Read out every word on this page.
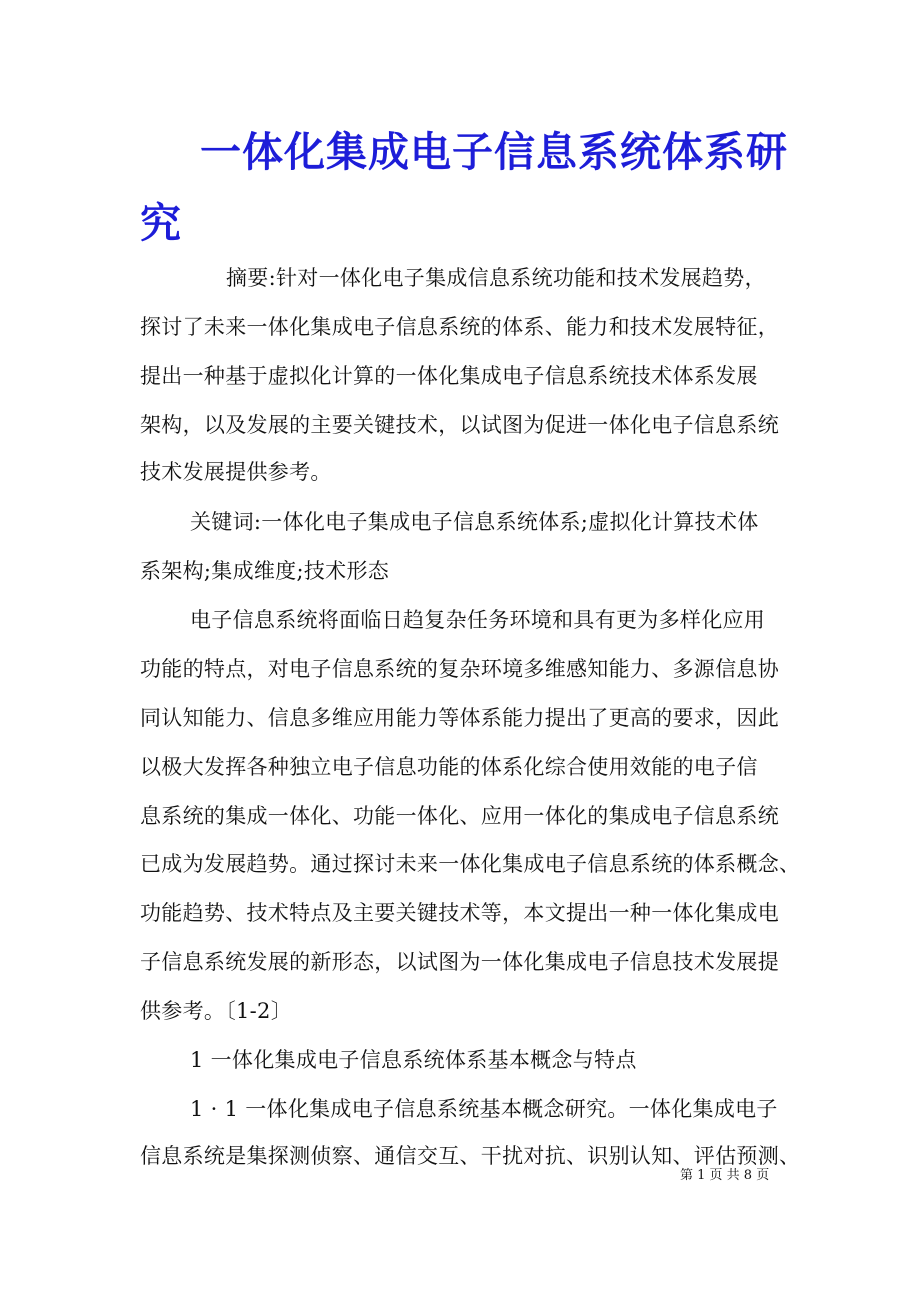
一体化集成电子信息系统体系研
究
摘要:针对一体化电子集成信息系统功能和技术发展趋势，
探讨了未来一体化集成电子信息系统的体系、能力和技术发展特征，
提出一种基于虚拟化计算的一体化集成电子信息系统技术体系发展
架构，以及发展的主要关键技术，以试图为促进一体化电子信息系统
技术发展提供参考。
关键词:一体化电子集成电子信息系统体系;虚拟化计算技术体
系架构;集成维度;技术形态
电子信息系统将面临日趋复杂任务环境和具有更为多样化应用
功能的特点，对电子信息系统的复杂环境多维感知能力、多源信息协
同认知能力、信息多维应用能力等体系能力提出了更高的要求，因此
以极大发挥各种独立电子信息功能的体系化综合使用效能的电子信
息系统的集成一体化、功能一体化、应用一体化的集成电子信息系统
已成为发展趋势。通过探讨未来一体化集成电子信息系统的体系概念、
功能趋势、技术特点及主要关键技术等，本文提出一种一体化集成电
子信息系统发展的新形态，以试图为一体化集成电子信息技术发展提
供参考。〔1-2〕
1 一体化集成电子信息系统体系基本概念与特点
1 · 1 一体化集成电子信息系统基本概念研究。一体化集成电子
信息系统是集探测侦察、通信交互、干扰对抗、识别认知、评估预测、
第 1 页 共 8 页
